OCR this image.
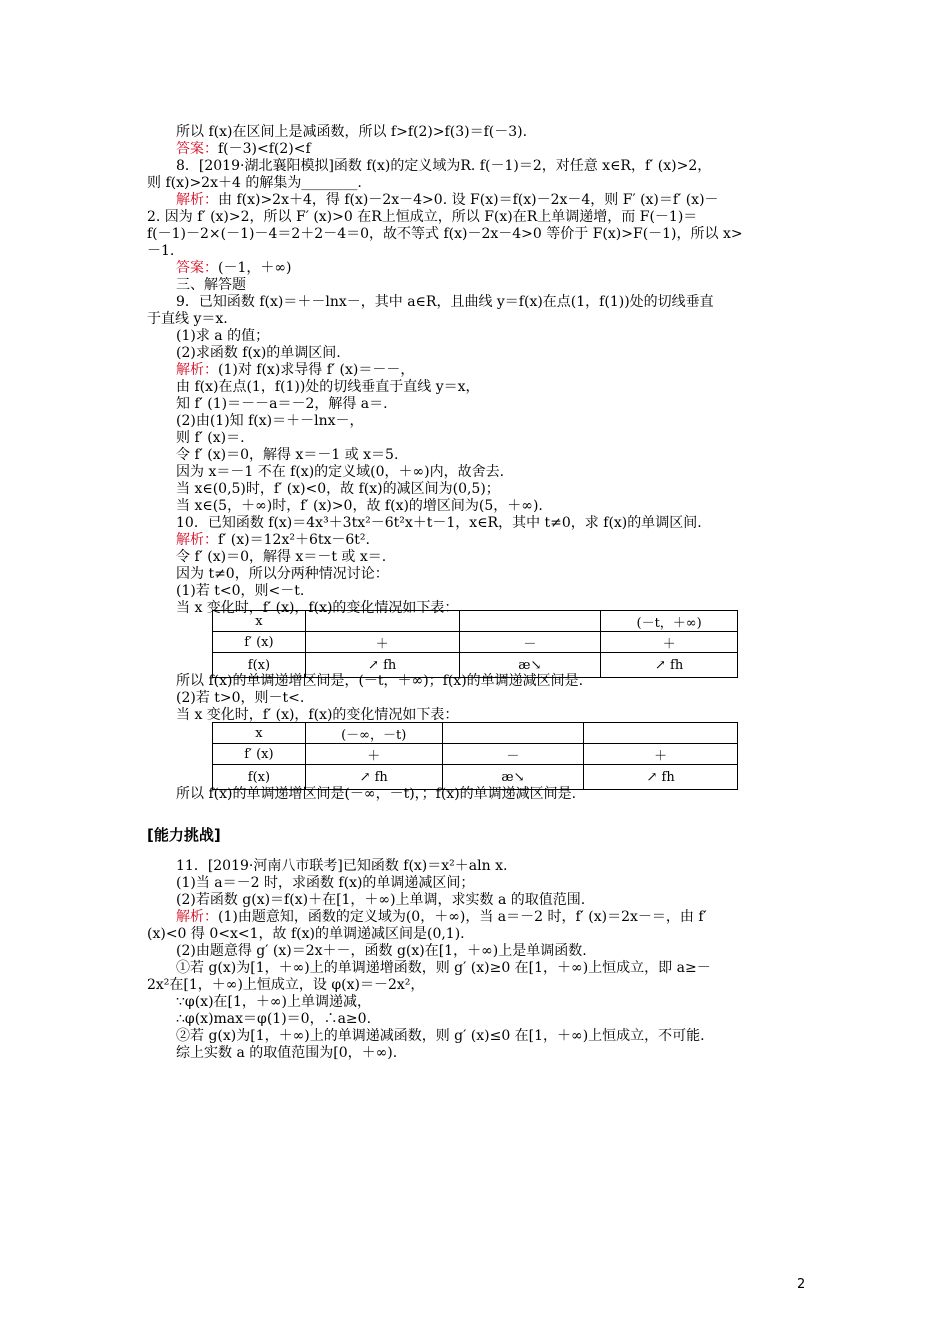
所以 f(x)在区间上是减函数，所以 f>f(2)>f(3)＝f(－3).
答案：f(－3)<f(2)<f
8．[2019·湖北襄阳模拟]函数 f(x)的定义域为R. f(－1)＝2，对任意 x∈R，f′ (x)>2，
则 f(x)>2x＋4 的解集为________.
解析：由 f(x)>2x＋4，得 f(x)－2x－4>0. 设 F(x)＝f(x)－2x－4，则 F′ (x)＝f′ (x)－
2. 因为 f′ (x)>2，所以 F′ (x)>0 在R上恒成立，所以 F(x)在R上单调递增，而 F(－1)＝
f(－1)－2×(－1)－4＝2＋2－4＝0，故不等式 f(x)－2x－4>0 等价于 F(x)>F(－1)，所以 x>
－1.
答案：(－1，＋∞)
三、解答题
9．已知函数 f(x)＝＋－lnx－，其中 a∈R，且曲线 y＝f(x)在点(1，f(1))处的切线垂直
于直线 y＝x.
(1)求 a 的值；
(2)求函数 f(x)的单调区间.
解析：(1)对 f(x)求导得 f′ (x)＝－－，
由 f(x)在点(1，f(1))处的切线垂直于直线 y＝x，
知 f′ (1)＝－－a＝－2，解得 a＝.
(2)由(1)知 f(x)＝＋－lnx－，
则 f′ (x)＝.
令 f′ (x)＝0，解得 x＝－1 或 x＝5.
因为 x＝－1 不在 f(x)的定义域(0，＋∞)内，故舍去.
当 x∈(0,5)时，f′ (x)<0，故 f(x)的减区间为(0,5)；
当 x∈(5，＋∞)时，f′ (x)>0，故 f(x)的增区间为(5，＋∞).
10．已知函数 f(x)＝4x³＋3tx²－6t²x＋t－1，x∈R，其中 t≠0，求 f(x)的单调区间.
解析：f′ (x)＝12x²＋6tx－6t².
令 f′ (x)＝0，解得 x＝－t 或 x＝.
因为 t≠0，所以分两种情况讨论：
(1)若 t<0，则<－t.
当 x 变化时，f′ (x)，f(x)的变化情况如下表：
x			(－t，＋∞)
f′ (x)	＋	－	＋
f(x)	↗ fh	æ↘	↗ fh
所以 f(x)的单调递增区间是，(－t，＋∞)；f(x)的单调递减区间是.
(2)若 t>0，则－t<.
当 x 变化时，f′ (x)，f(x)的变化情况如下表：
x	(－∞，－t)		
f′ (x)	＋	－	＋
f(x)	↗ fh	æ↘	↗ fh
所以 f(x)的单调递增区间是(－∞，－t)，；f(x)的单调递减区间是.
[能力挑战]
11．[2019·河南八市联考]已知函数 f(x)＝x²＋aln x.
(1)当 a＝－2 时，求函数 f(x)的单调递减区间；
(2)若函数 g(x)＝f(x)＋在[1，＋∞)上单调，求实数 a 的取值范围.
解析：(1)由题意知，函数的定义域为(0，＋∞)，当 a＝－2 时，f′ (x)＝2x－＝，由 f′
(x)<0 得 0<x<1，故 f(x)的单调递减区间是(0,1).
(2)由题意得 g′ (x)＝2x＋－，函数 g(x)在[1，＋∞)上是单调函数.
①若 g(x)为[1，＋∞)上的单调递增函数，则 g′ (x)≥0 在[1，＋∞)上恒成立，即 a≥－
2x²在[1，＋∞)上恒成立，设 φ(x)＝－2x²，
∵φ(x)在[1，＋∞)上单调递减，
∴φ(x)max＝φ(1)＝0，∴a≥0.
②若 g(x)为[1，＋∞)上的单调递减函数，则 g′ (x)≤0 在[1，＋∞)上恒成立，不可能.
综上实数 a 的取值范围为[0，＋∞).
2
